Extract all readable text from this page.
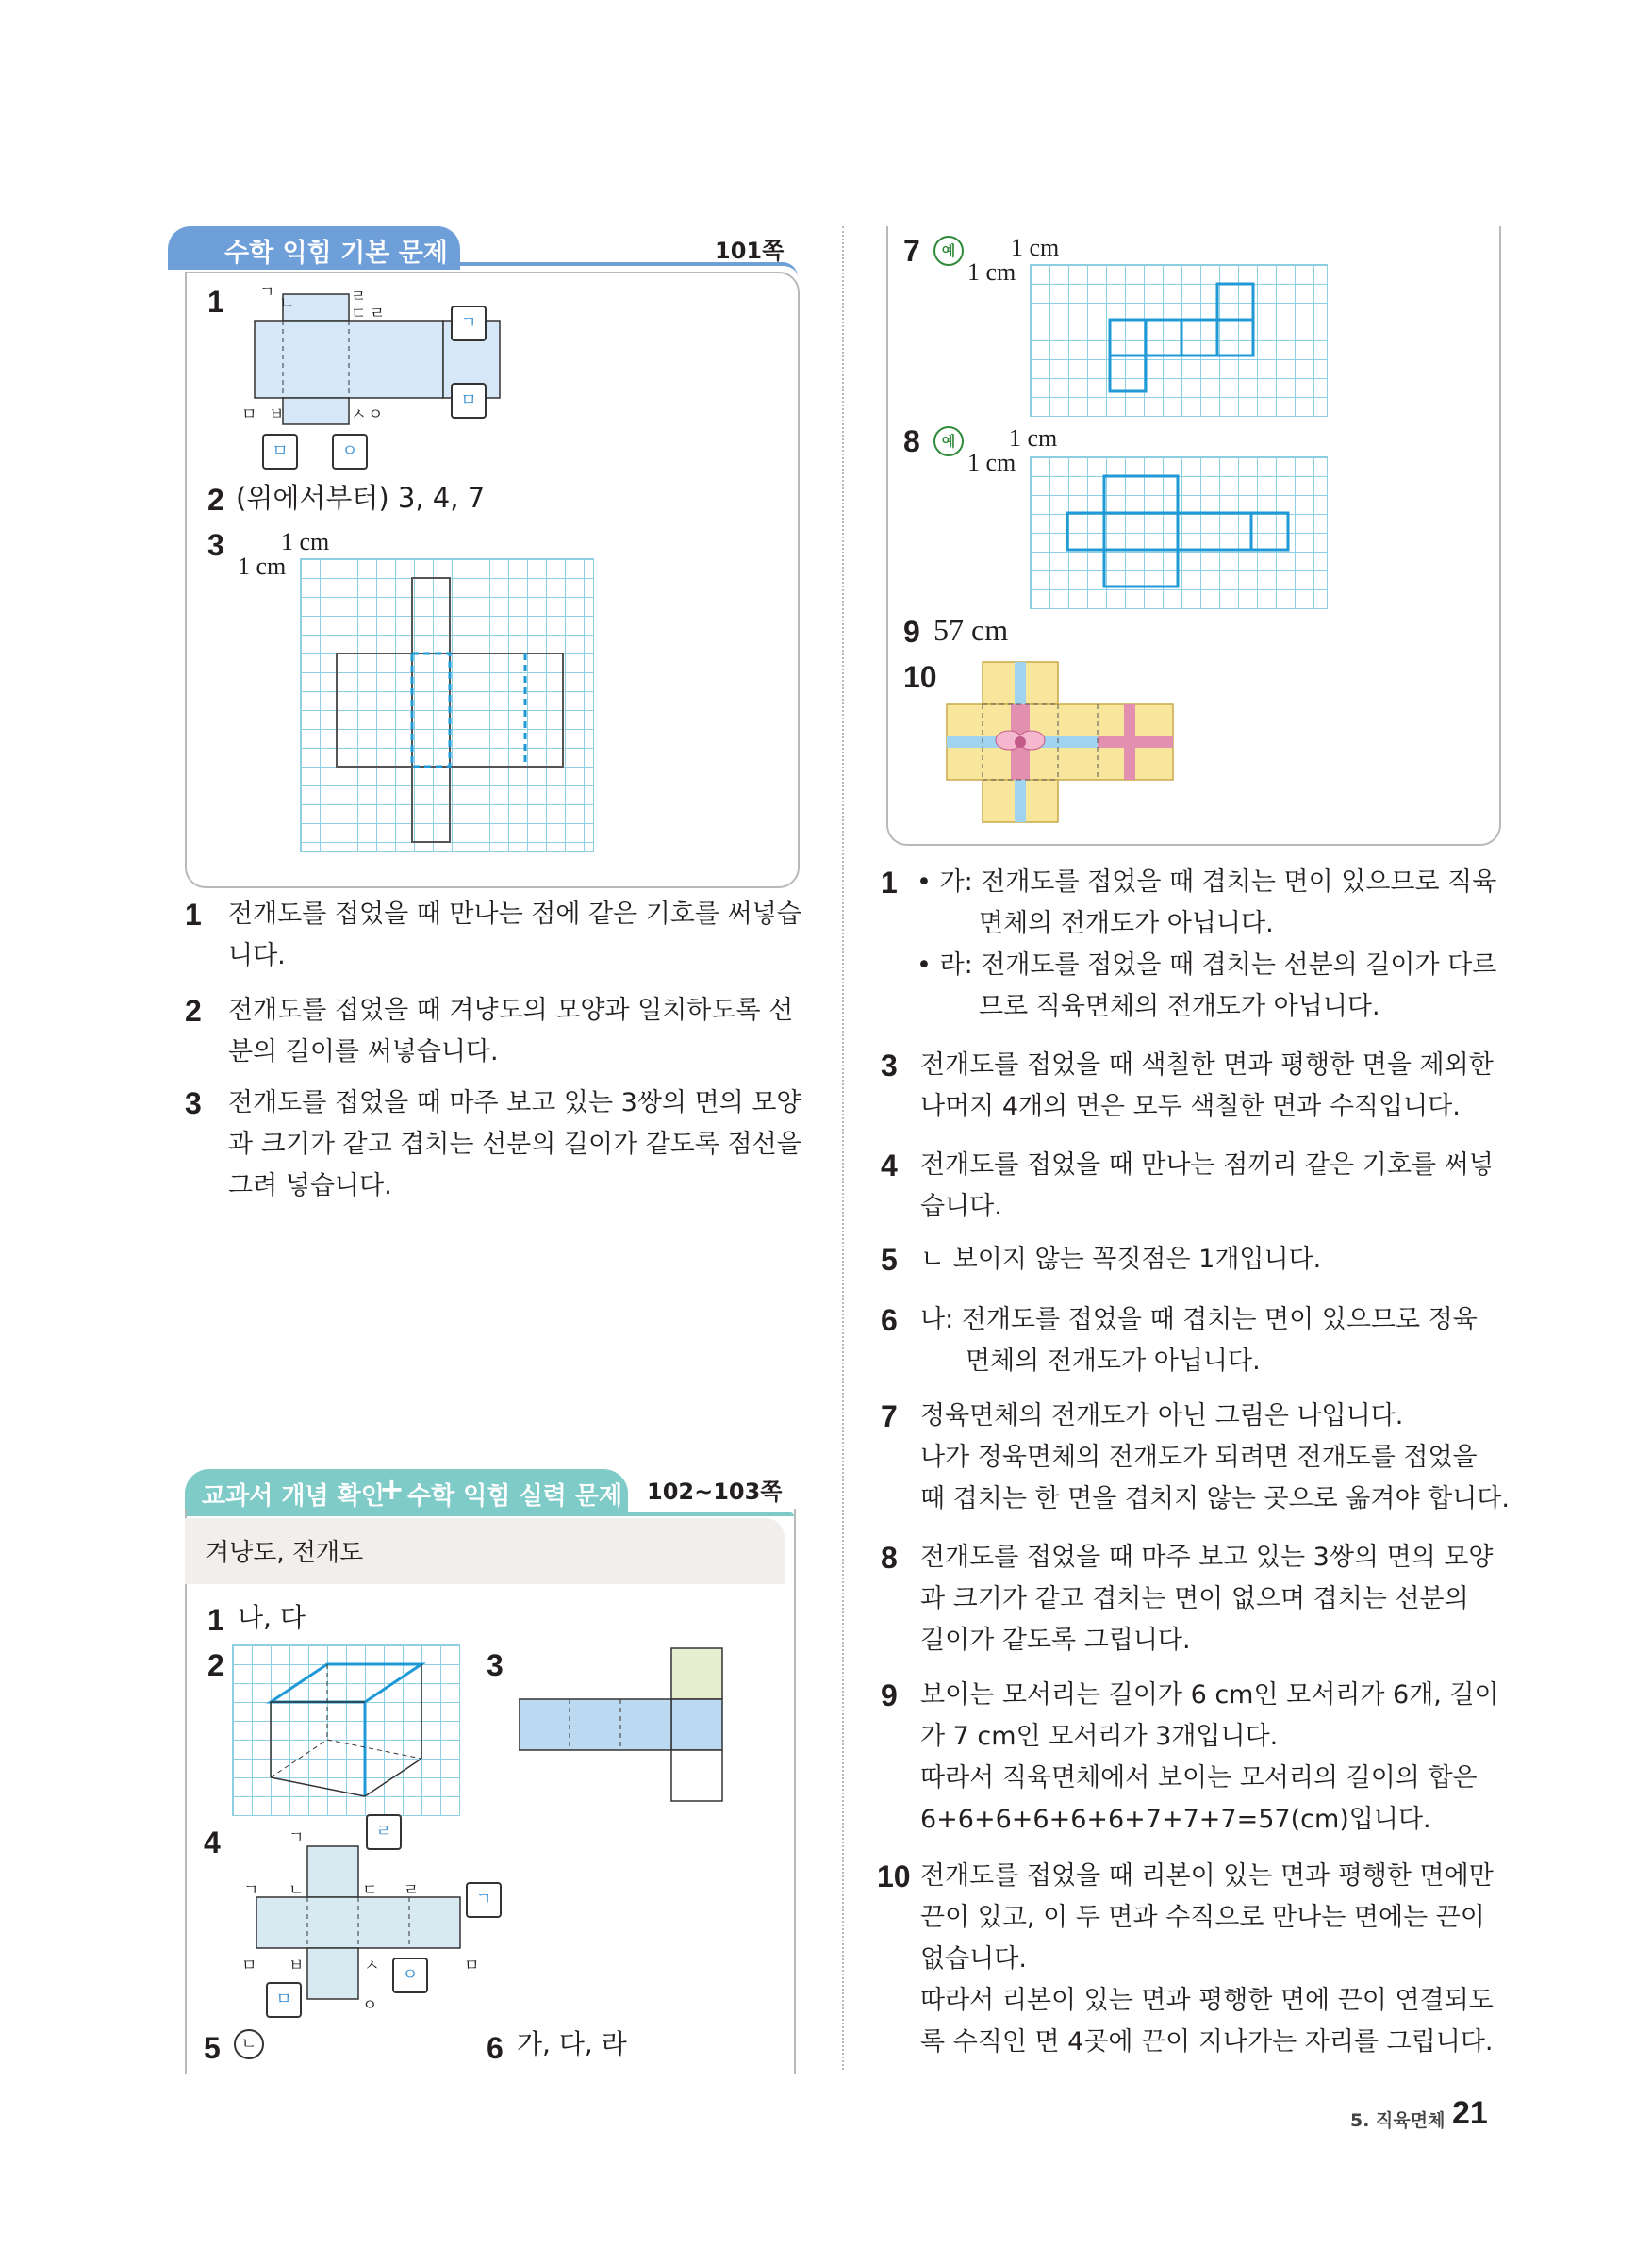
수학 익힘 기본 문제	101쪽
1 ㄱ
ㄴ	ㄹ
ㄷ ㄹ
ㅁ ㅂ	ㅅ ㅇ
ㄱ
ㅁ
ㅁ	ㅇ
2 (위에서부터) 3, 4, 7
3 1 cm
1 cm
1 전개도를 접었을 때 만나는 점에 같은 기호를 써넣습
니다.
2 전개도를 접었을 때 겨냥도의 모양과 일치하도록 선
분의 길이를 써넣습니다.
3 전개도를 접었을 때 마주 보고 있는 3쌍의 면의 모양
과 크기가 같고 겹치는 선분의 길이가 같도록 점선을
그려 넣습니다.
교과서 개념 확인
+ 수학 익힘 실력 문제 102~103쪽
겨냥도, 전개도
1 나, 다
2	3
4	ㄱ
ㄱ ㄴ	ㄷ ㄹ
ㅁ ㅂ	ㅅ	ㅁ
ㅇ
ㄹ
ㄱ
ㅇ
ㅁ
5	ㄴ	6 가, 다, 라
7	예	1 cm
1 cm
8	예	1 cm
1 cm
9 57 cm
10
1 • 가: 전개도를 접었을 때 겹치는 면이 있으므로 직육
면체의 전개도가 아닙니다.
• 라: 전개도를 접었을 때 겹치는 선분의 길이가 다르
므로 직육면체의 전개도가 아닙니다.
3 전개도를 접었을 때 색칠한 면과 평행한 면을 제외한
나머지 4개의 면은 모두 색칠한 면과 수직입니다.
4 전개도를 접었을 때 만나는 점끼리 같은 기호를 써넣
습니다.
5 ㄴ 보이지 않는 꼭짓점은 1개입니다.
6 나: 전개도를 접었을 때 겹치는 면이 있으므로 정육
면체의 전개도가 아닙니다.
7 정육면체의 전개도가 아닌 그림은 나입니다.
나가 정육면체의 전개도가 되려면 전개도를 접었을
때 겹치는 한 면을 겹치지 않는 곳으로 옮겨야 합니다.
8 전개도를 접었을 때 마주 보고 있는 3쌍의 면의 모양
과 크기가 같고 겹치는 면이 없으며 겹치는 선분의
길이가 같도록 그립니다.
9 보이는 모서리는 길이가 6 cm인 모서리가 6개, 길이
가 7 cm인 모서리가 3개입니다.
따라서 직육면체에서 보이는 모서리의 길이의 합은
6+6+6+6+6+6+7+7+7=57(cm)입니다.
10 전개도를 접었을 때 리본이 있는 면과 평행한 면에만
끈이 있고, 이 두 면과 수직으로 만나는 면에는 끈이
없습니다.
따라서 리본이 있는 면과 평행한 면에 끈이 연결되도
록 수직인 면 4곳에 끈이 지나가는 자리를 그립니다.
5. 직육면체 21
